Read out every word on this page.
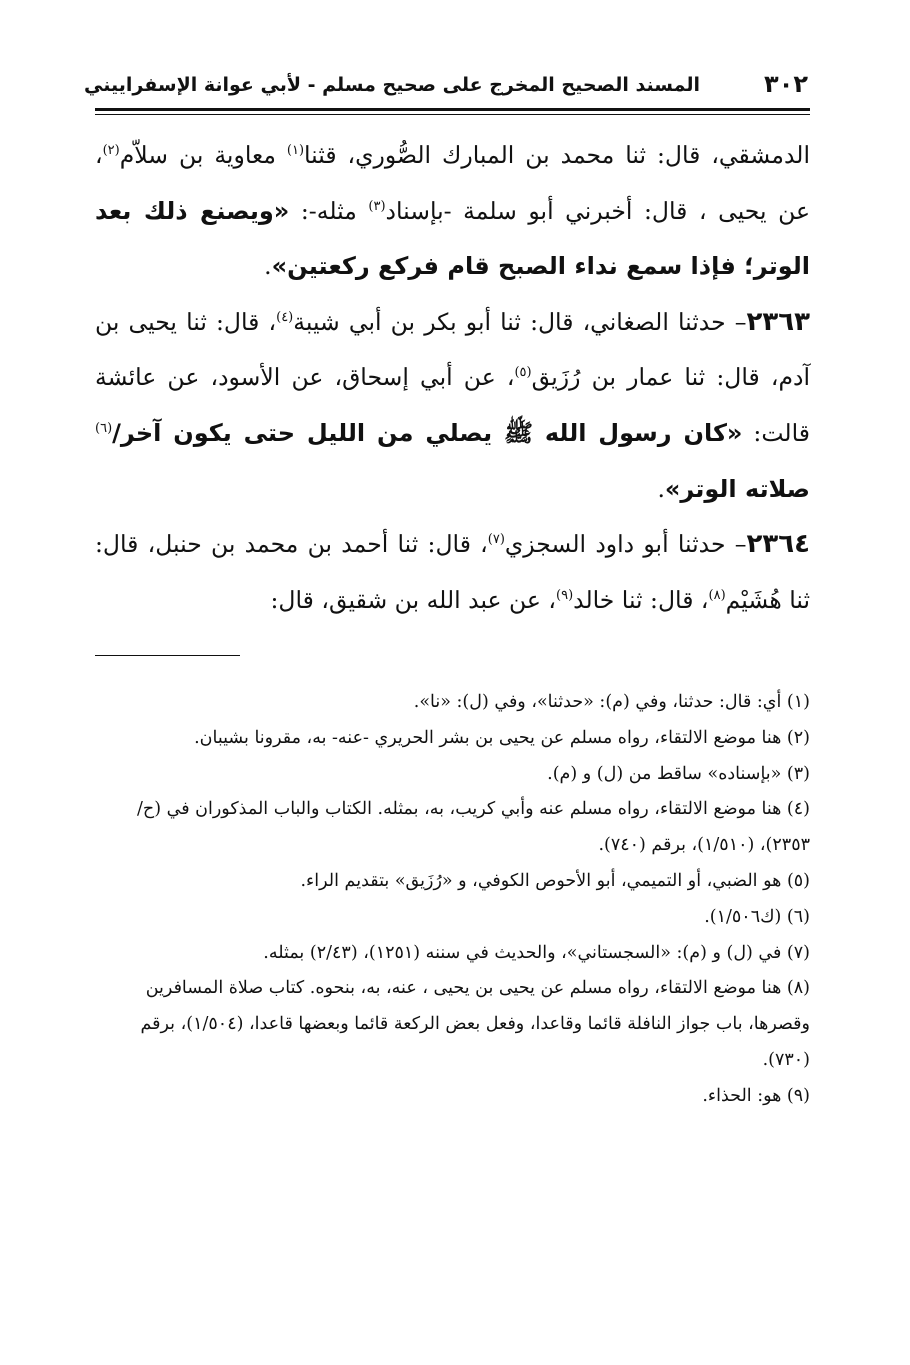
٣٠٢
المسند الصحيح المخرج على صحيح مسلم - لأبي عوانة الإسفراييني

الدمشقي، قال: ثنا محمد بن المبارك الصُّوري، قثنا$^{(١)}$ معاوية بن سلاّم$^{(٢)}$، عن يحيى ، قال: أخبرني أبو سلمة -بإسناد$^{(٣)}$ مثله-: «ويصنع ذلك بعد الوتر؛ فإذا سمع نداء الصبح قام فركع ركعتين».

٢٣٦٣– حدثنا الصغاني، قال: ثنا أبو بكر بن أبي شيبة$^{(٤)}$، قال: ثنا يحيى بن آدم، قال: ثنا عمار بن رُزَيق$^{(٥)}$، عن أبي إسحاق، عن الأسود، عن عائشة قالت: «كان رسول الله ﷺ يصلي من الليل حتى يكون آخر/$^{(٦)}$ صلاته الوتر».

٢٣٦٤– حدثنا أبو داود السجزي$^{(٧)}$، قال: ثنا أحمد بن محمد بن حنبل، قال: ثنا هُشَيْم$^{(٨)}$، قال: ثنا خالد$^{(٩)}$، عن عبد الله بن شقيق، قال:

(١) أي: قال: حدثنا، وفي (م): «حدثنا»، وفي (ل): «نا».

(٢) هنا موضع الالتقاء، رواه مسلم عن يحيى بن بشر الحريري -عنه- به، مقرونا بشيبان.

(٣) «بإسناده» ساقط من (ل) و (م).

(٤) هنا موضع الالتقاء، رواه مسلم عنه وأبي كريب، به، بمثله. الكتاب والباب المذكوران في (ح/٢٣٥٣)، (١/٥١٠)، برقم (٧٤٠).

(٥) هو الضبي، أو التميمي، أبو الأحوص الكوفي، و «رُزَيق» بتقديم الراء.

(٦) (ك١/٥٠٦).

(٧) في (ل) و (م): «السجستاني»، والحديث في سننه (١٢٥١)، (٢/٤٣) بمثله.

(٨) هنا موضع الالتقاء، رواه مسلم عن يحيى بن يحيى ، عنه، به، بنحوه. كتاب صلاة المسافرين وقصرها، باب جواز النافلة قائما وقاعدا، وفعل بعض الركعة قائما وبعضها قاعدا، (١/٥٠٤)، برقم (٧٣٠).

(٩) هو: الحذاء.
